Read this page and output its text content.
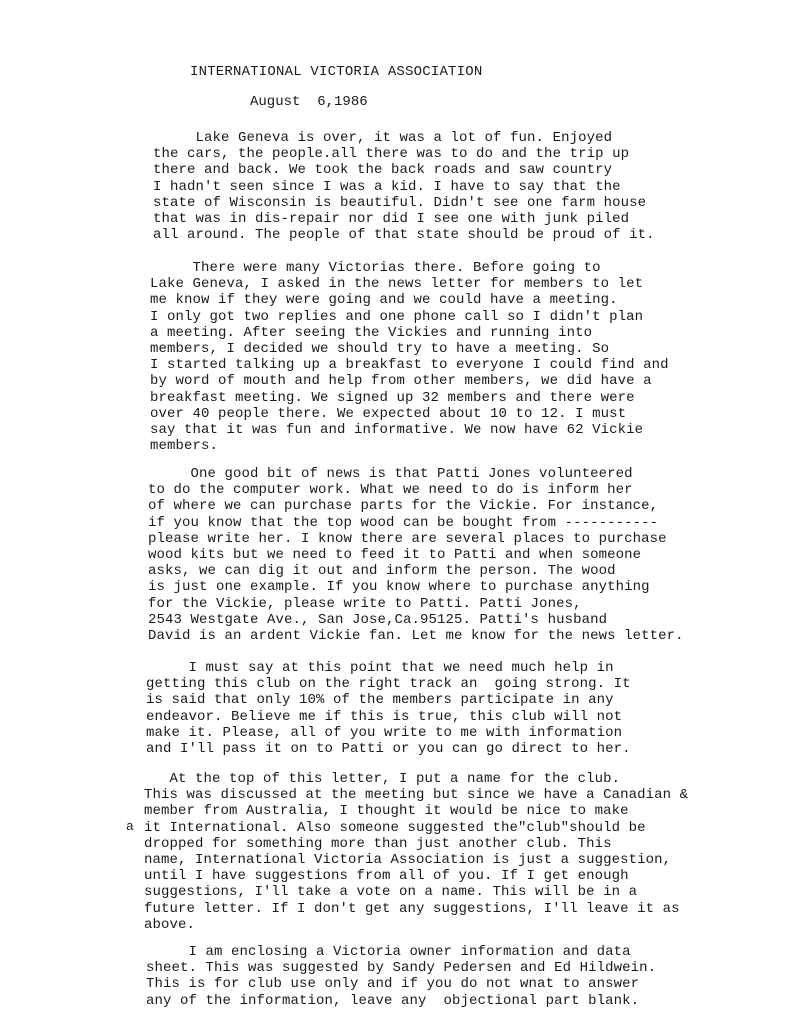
INTERNATIONAL VICTORIA ASSOCIATION
August  6,1986
Lake Geneva is over, it was a lot of fun. Enjoyed
the cars, the people.all there was to do and the trip up
there and back. We took the back roads and saw country
I hadn't seen since I was a kid. I have to say that the
state of Wisconsin is beautiful. Didn't see one farm house
that was in dis-repair nor did I see one with junk piled
all around. The people of that state should be proud of it.
There were many Victorias there. Before going to
Lake Geneva, I asked in the news letter for members to let
me know if they were going and we could have a meeting.
I only got two replies and one phone call so I didn't plan
a meeting. After seeing the Vickies and running into
members, I decided we should try to have a meeting. So
I started talking up a breakfast to everyone I could find and
by word of mouth and help from other members, we did have a
breakfast meeting. We signed up 32 members and there were
over 40 people there. We expected about 10 to 12. I must
say that it was fun and informative. We now have 62 Vickie
members.
One good bit of news is that Patti Jones volunteered
to do the computer work. What we need to do is inform her
of where we can purchase parts for the Vickie. For instance,
if you know that the top wood can be bought from -----------
please write her. I know there are several places to purchase
wood kits but we need to feed it to Patti and when someone
asks, we can dig it out and inform the person. The wood
is just one example. If you know where to purchase anything
for the Vickie, please write to Patti. Patti Jones,
2543 Westgate Ave., San Jose,Ca.95125. Patti's husband
David is an ardent Vickie fan. Let me know for the news letter.
I must say at this point that we need much help in
getting this club on the right track an  going strong. It
is said that only 10% of the members participate in any
endeavor. Believe me if this is true, this club will not
make it. Please, all of you write to me with information
and I'll pass it on to Patti or you can go direct to her.
At the top of this letter, I put a name for the club.
This was discussed at the meeting but since we have a Canadian &
member from Australia, I thought it would be nice to make
it International. Also someone suggested the"club"should be
dropped for something more than just another club. This
name, International Victoria Association is just a suggestion,
until I have suggestions from all of you. If I get enough
suggestions, I'll take a vote on a name. This will be in a
future letter. If I don't get any suggestions, I'll leave it as
above.
I am enclosing a Victoria owner information and data
sheet. This was suggested by Sandy Pedersen and Ed Hildwein.
This is for club use only and if you do not wnat to answer
any of the information, leave any  objectional part blank.
a
